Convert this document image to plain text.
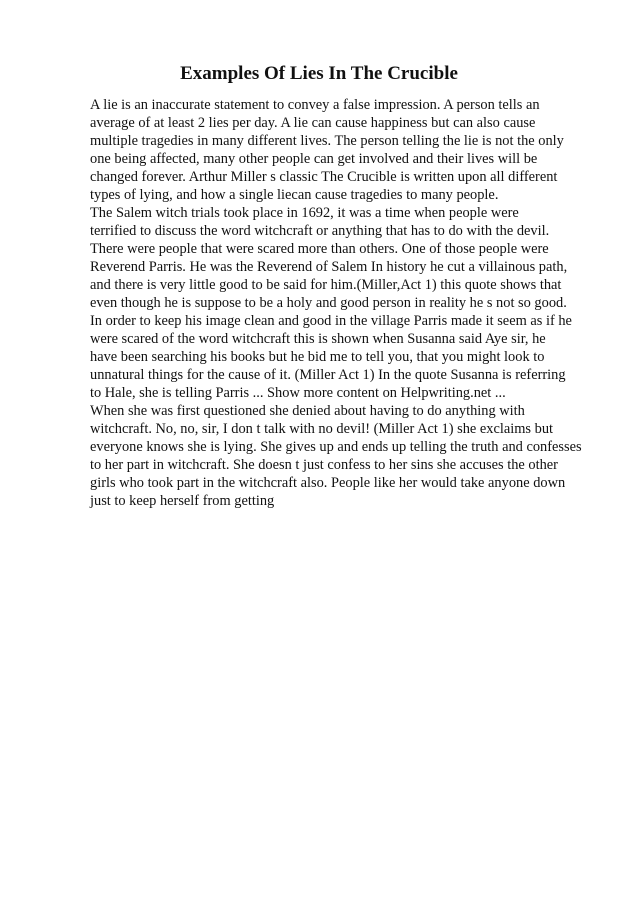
Examples Of Lies In The Crucible
A lie is an inaccurate statement to convey a false impression. A person tells an
average of at least 2 lies per day. A lie can cause happiness but can also cause
multiple tragedies in many different lives. The person telling the lie is not the only
one being affected, many other people can get involved and their lives will be
changed forever. Arthur Miller s classic The Crucible is written upon all different
types of lying, and how a single liecan cause tragedies to many people.
The Salem witch trials took place in 1692, it was a time when people were
terrified to discuss the word witchcraft or anything that has to do with the devil.
There were people that were scared more than others. One of those people were
Reverend Parris. He was the Reverend of Salem In history he cut a villainous path,
and there is very little good to be said for him.(Miller,Act 1) this quote shows that
even though he is suppose to be a holy and good person in reality he s not so good.
In order to keep his image clean and good in the village Parris made it seem as if he
were scared of the word witchcraft this is shown when Susanna said Aye sir, he
have been searching his books but he bid me to tell you, that you might look to
unnatural things for the cause of it. (Miller Act 1) In the quote Susanna is referring
to Hale, she is telling Parris ... Show more content on Helpwriting.net ...
When she was first questioned she denied about having to do anything with
witchcraft. No, no, sir, I don t talk with no devil! (Miller Act 1) she exclaims but
everyone knows she is lying. She gives up and ends up telling the truth and confesses
to her part in witchcraft. She doesn t just confess to her sins she accuses the other
girls who took part in the witchcraft also. People like her would take anyone down
just to keep herself from getting
